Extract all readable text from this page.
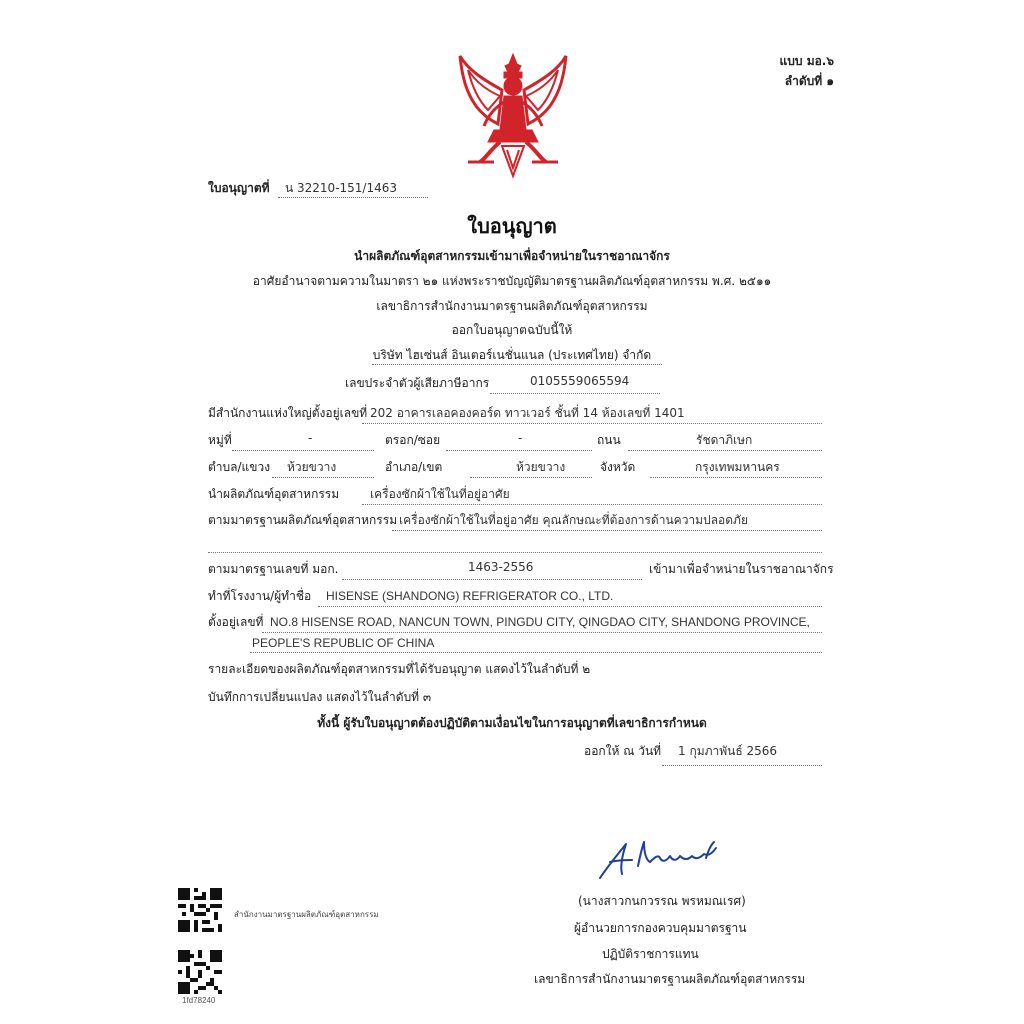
แบบ มอ.๖
ลำดับที่ ๑
ใบอนุญาตที่ น 32210-151/1463
ใบอนุญาต
นำผลิตภัณฑ์อุตสาหกรรมเข้ามาเพื่อจำหน่ายในราชอาณาจักร
อาศัยอำนาจตามความในมาตรา ๒๑ แห่งพระราชบัญญัติมาตรฐานผลิตภัณฑ์อุตสาหกรรม พ.ศ. ๒๕๑๑
เลขาธิการสำนักงานมาตรฐานผลิตภัณฑ์อุตสาหกรรม
ออกใบอนุญาตฉบับนี้ให้
บริษัท ไฮเซ่นส์ อินเตอร์เนชั่นแนล (ประเทศไทย) จำกัด
เลขประจำตัวผู้เสียภาษีอากร	0105559065594
มีสำนักงานแห่งใหญ่ตั้งอยู่เลขที่ 202 อาคารเลอคองคอร์ด ทาวเวอร์ ชั้นที่ 14 ห้องเลขที่ 1401
หมู่ที่	-	ตรอก/ซอย	-	ถนน	รัชดาภิเษก
ตำบล/แขวง ห้วยขวาง	อำเภอ/เขต	ห้วยขวาง	จังหวัด	กรุงเทพมหานคร
นำผลิตภัณฑ์อุตสาหกรรม	เครื่องซักผ้าใช้ในที่อยู่อาศัย
ตามมาตรฐานผลิตภัณฑ์อุตสาหกรรม เครื่องซักผ้าใช้ในที่อยู่อาศัย คุณลักษณะที่ต้องการด้านความปลอดภัย
ตามมาตรฐานเลขที่ มอก.	1463-2556	เข้ามาเพื่อจำหน่ายในราชอาณาจักร
ทำที่โรงงาน/ผู้ทำชื่อ HISENSE (SHANDONG) REFRIGERATOR CO., LTD.
ตั้งอยู่เลขที่ NO.8 HISENSE ROAD, NANCUN TOWN, PINGDU CITY, QINGDAO CITY, SHANDONG PROVINCE,
PEOPLE'S REPUBLIC OF CHINA
รายละเอียดของผลิตภัณฑ์อุตสาหกรรมที่ได้รับอนุญาต แสดงไว้ในลำดับที่ ๒
บันทึกการเปลี่ยนแปลง แสดงไว้ในลำดับที่ ๓
ทั้งนี้ ผู้รับใบอนุญาตต้องปฏิบัติตามเงื่อนไขในการอนุญาตที่เลขาธิการกำหนด
ออกให้ ณ วันที่ 1 กุมภาพันธ์ 2566
(นางสาวกนกวรรณ พรหมณเรศ)
ผู้อำนวยการกองควบคุมมาตรฐาน
ปฏิบัติราชการแทน
เลขาธิการสำนักงานมาตรฐานผลิตภัณฑ์อุตสาหกรรม
สำนักงานมาตรฐานผลิตภัณฑ์อุตสาหกรรม
1fd78240
